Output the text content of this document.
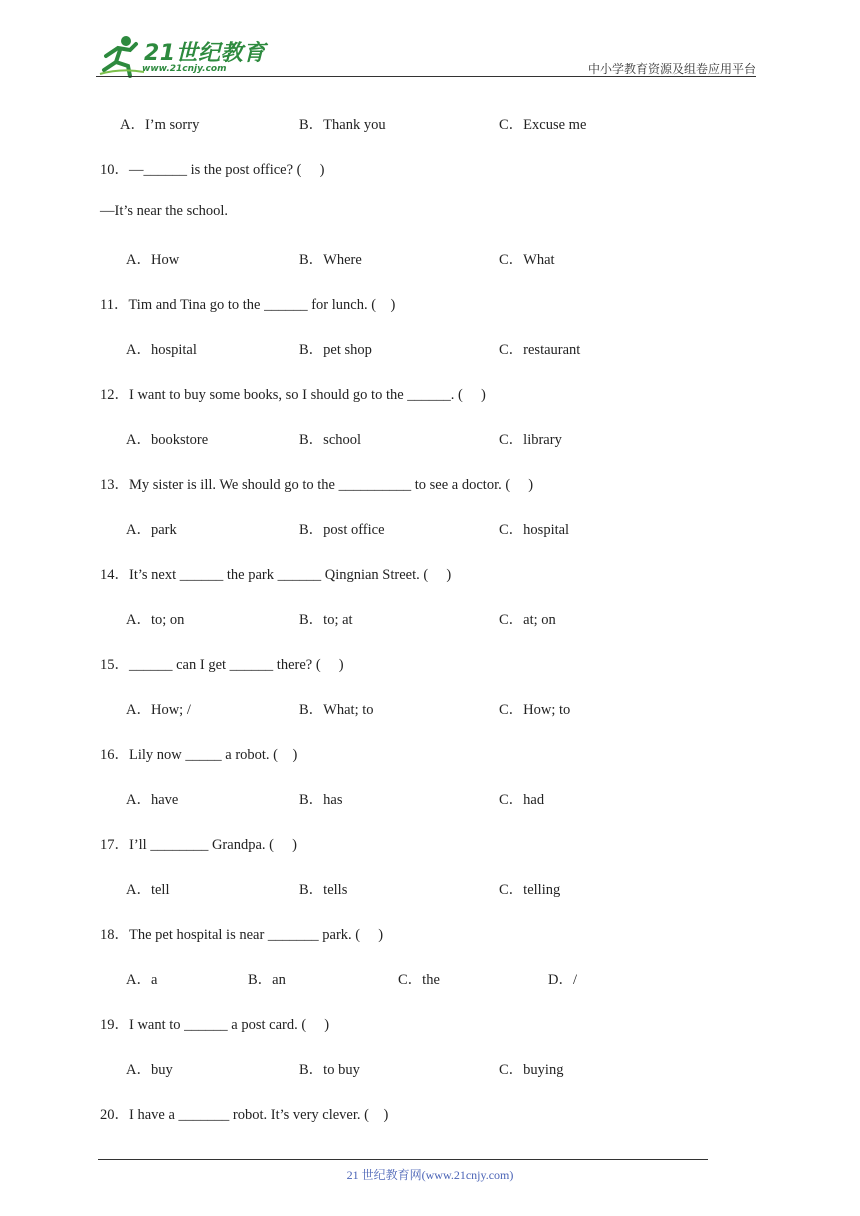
21世纪教育
www.21cnjy.com	中小学教育资源及组卷应用平台
A．I’m sorry	B．Thank you	C．Excuse me
10．—______ is the post office? (     )
—It’s near the school.
A．How	B．Where	C．What
11．Tim and Tina go to the ______ for lunch. (    )
A．hospital	B．pet shop	C．restaurant
12．I want to buy some books, so I should go to the ______. (     )
A．bookstore	B．school	C．library
13．My sister is ill. We should go to the __________ to see a doctor. (     )
A．park	B．post office	C．hospital
14．It’s next ______ the park ______ Qingnian Street. (     )
A．to; on	B．to; at	C．at; on
15．______ can I get ______ there? (     )
A．How; /	B．What; to	C．How; to
16．Lily now _____ a robot. (    )
A．have	B．has	C．had
17．I’ll ________ Grandpa. (     )
A．tell	B．tells	C．telling
18．The pet hospital is near _______ park. (     )
A．a	B．an	C．the	D．/
19．I want to ______ a post card. (     )
A．buy	B．to buy	C．buying
20．I have a _______ robot. It’s very clever. (    )
21 世纪教育网(www.21cnjy.com)
